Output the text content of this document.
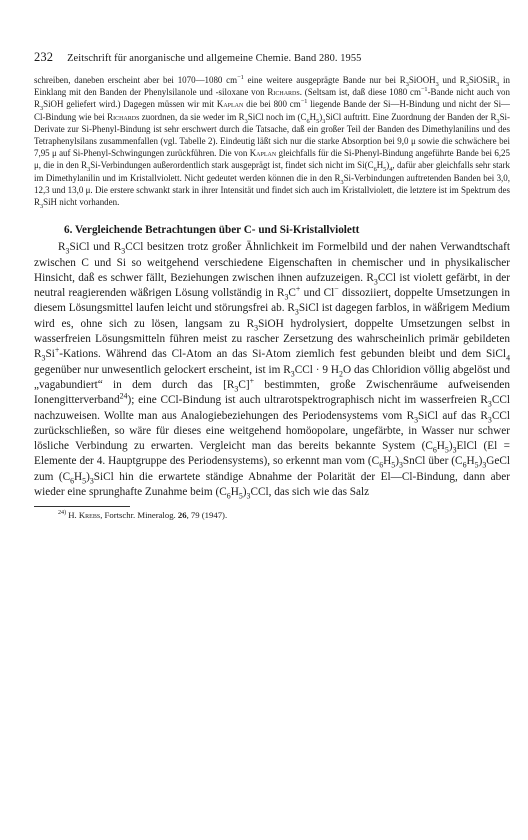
232 Zeitschrift für anorganische und allgemeine Chemie. Band 280. 1955

schreiben, daneben erscheint aber bei 1070—1080 $cm^{-1}$ eine weitere ausgeprägte Bande nur bei $R_3SiOOH_3$ und $R_3SiOSiR_3$ in Einklang mit den Banden der Phenylsilanole und -siloxane von Richards. (Seltsam ist, daß diese 1080 $cm^{-1}$-Bande nicht auch von $R_3SiOH$ geliefert wird.) Dagegen müssen wir mit Kaplan die bei 800 $cm^{-1}$ liegende Bande der Si—H-Bindung und nicht der Si—Cl-Bindung wie bei Richards zuordnen, da sie weder im $R_3SiCl$ noch im $(C_6H_5)_3SiCl$ auftritt. Eine Zuordnung der Banden der $R_3Si$-Derivate zur Si-Phenyl-Bindung ist sehr erschwert durch die Tatsache, daß ein großer Teil der Banden des Dimethylanilins und des Tetraphenylsilans zusammenfallen (vgl. Tabelle 2). Eindeutig läßt sich nur die starke Absorption bei 9,0 μ sowie die schwächere bei 7,95 μ auf Si-Phenyl-Schwingungen zurückführen. Die von Kaplan gleichfalls für die Si-Phenyl-Bindung angeführte Bande bei 6,25 μ, die in den $R_3Si$-Verbindungen außerordentlich stark ausgeprägt ist, findet sich nicht im $Si(C_6H_5)_4$, dafür aber gleichfalls sehr stark im Dimethylanilin und im Kristallviolett. Nicht gedeutet werden können die in den $R_3Si$-Verbindungen auftretenden Banden bei 3,0, 12,3 und 13,0 μ. Die erstere schwankt stark in ihrer Intensität und findet sich auch im Kristallviolett, die letztere ist im Spektrum des $R_3SiH$ nicht vorhanden.

6. Vergleichende Betrachtungen über C- und Si-Kristallviolett

$R_3SiCl$ und $R_3CCl$ besitzen trotz großer Ähnlichkeit im Formelbild und der nahen Verwandtschaft zwischen C und Si so weitgehend verschiedene Eigenschaften in chemischer und in physikalischer Hinsicht, daß es schwer fällt, Beziehungen zwischen ihnen aufzuzeigen. $R_3CCl$ ist violett gefärbt, in der neutral reagierenden wäßrigen Lösung vollständig in $R_3C^+$ und Cl− dissoziiert, doppelte Umsetzungen in diesem Lösungsmittel laufen leicht und störungsfrei ab. $R_3SiCl$ ist dagegen farblos, in wäßrigem Medium wird es, ohne sich zu lösen, langsam zu $R_3SiOH$ hydrolysiert, doppelte Umsetzungen selbst in wasserfreien Lösungsmitteln führen meist zu rascher Zersetzung des wahrscheinlich primär gebildeten $R_3Si^+$-Kations. Während das Cl-Atom an das Si-Atom ziemlich fest gebunden bleibt und dem SiCl$_4$ gegenüber nur unwesentlich gelockert erscheint, ist im $R_3CCl \cdot 9$ $H_2O$ das Chloridion völlig abgelöst und „vagabundiert“ in dem durch das $[R_3C]^+$ bestimmten, große Zwischenräume aufweisenden Ionengitterverband$^{24}$); eine CCl-Bindung ist auch ultrarotspektrographisch nicht im wasserfreien $R_3CCl$ nachzuweisen. Wollte man aus Analogiebeziehungen des Periodensystems vom $R_3SiCl$ auf das $R_3CCl$ zurückschließen, so wäre für dieses eine weitgehend homöopolare, ungefärbte, in Wasser nur schwer lösliche Verbindung zu erwarten. Vergleicht man das bereits bekannte System $(C_6H_5)_3ElCl$ (El = Elemente der 4. Hauptgruppe des Periodensystems), so erkennt man vom $(C_6H_5)_3SnCl$ über $(C_6H_5)_3GeCl$ zum $(C_6H_5)_3SiCl$ hin die erwartete ständige Abnahme der Polarität der El—Cl-Bindung, dann aber wieder eine sprunghafte Zunahme beim $(C_6H_5)_3CCl$, das sich wie das Salz

$^{24)}$ H. Krebs, Fortschr. Mineralog. 26, 79 (1947).
